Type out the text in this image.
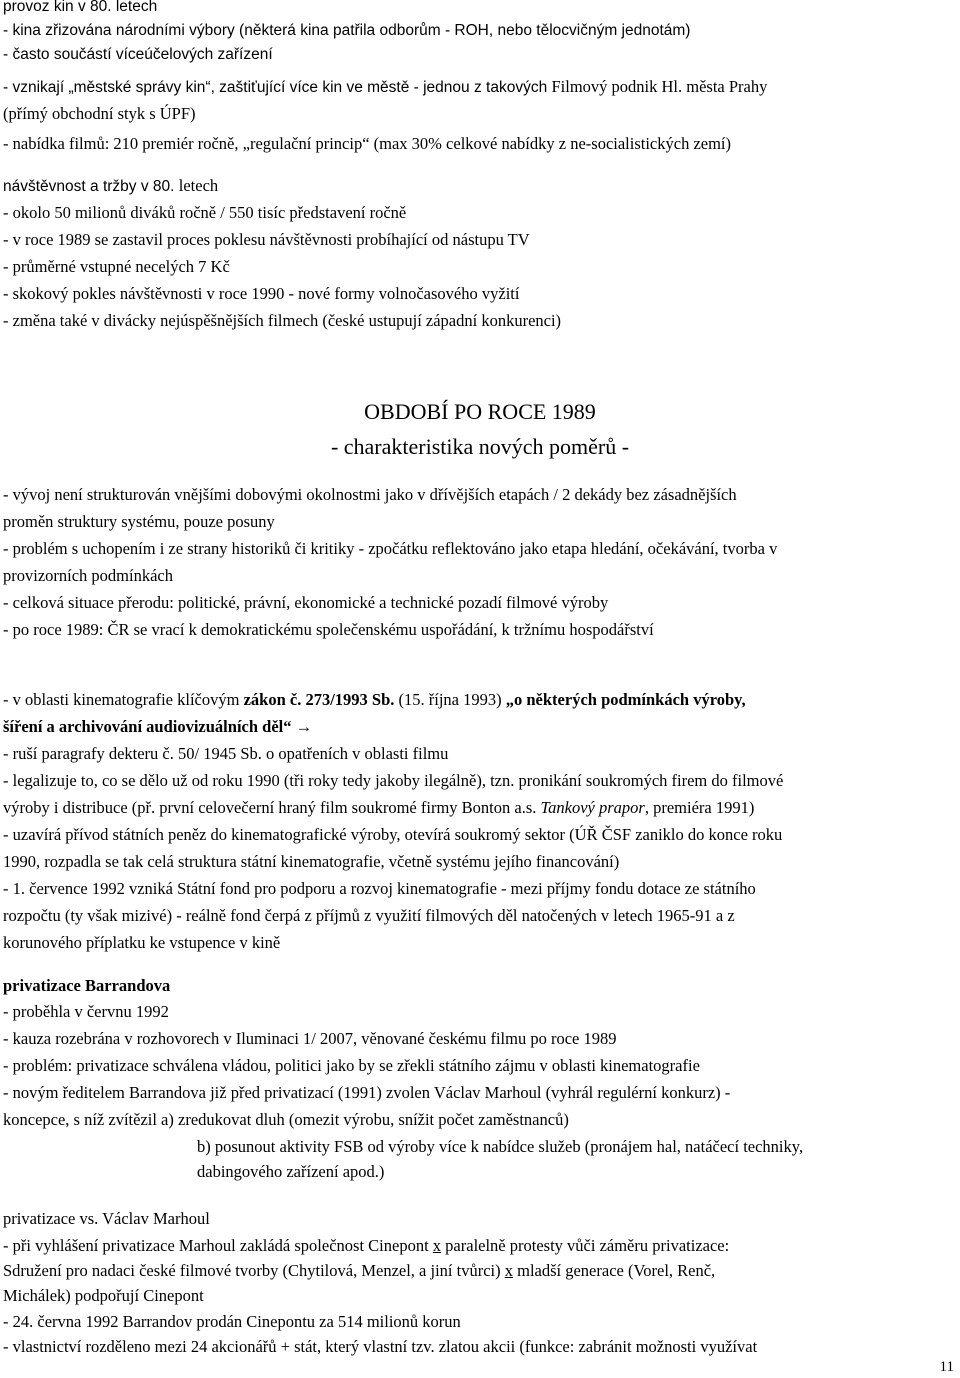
provoz kin v 80. letech
- kina zřizována národními výbory (některá kina patřila odborům - ROH, nebo tělocvičným jednotám)
- často součástí víceúčelových zařízení
- vznikají „městské správy kin“, zaštiťující více kin ve městě - jednou z takových Filmový podnik Hl. města Prahy
(přímý obchodní styk s ÚPF)
- nabídka filmů: 210 premiér ročně, „regulační princip“ (max 30% celkové nabídky z ne-socialistických zemí)
návštěvnost a tržby v 80. letech
- okolo 50 milionů diváků ročně / 550 tisíc představení ročně
- v roce 1989 se zastavil proces poklesu návštěvnosti probíhající od nástupu TV
- průměrné vstupné necelých 7 Kč
- skokový pokles návštěvnosti v roce 1990 - nové formy volnočasového vyžití
- změna také v divácky nejúspěšnějších filmech (české ustupují západní konkurenci)
OBDOBÍ PO ROCE 1989
- charakteristika nových poměrů -
- vývoj není strukturován vnějšími dobovými okolnostmi jako v dřívějších etapách / 2 dekády bez zásadnějších
proměn struktury systému, pouze posuny
- problém s uchopením i ze strany historiků či kritiky - zpočátku reflektováno jako etapa hledání, očekávání, tvorba v
provizorních podmínkách
- celková situace přerodu: politické, právní, ekonomické a technické pozadí filmové výroby
- po roce 1989: ČR se vrací k demokratickému společenskému uspořádání, k tržnímu hospodářství
- v oblasti kinematografie klíčovým zákon č. 273/1993 Sb. (15. října 1993) „o některých podmínkách výroby,
šíření a archivování audiovizuálních děl“ →
- ruší paragrafy dekteru č. 50/ 1945 Sb. o opatřeních v oblasti filmu
- legalizuje to, co se dělo už od roku 1990 (tři roky tedy jakoby ilegálně), tzn. pronikání soukromých firem do filmové
výroby i distribuce (př. první celovečerní hraný film soukromé firmy Bonton a.s. Tankový prapor, premiéra 1991)
- uzavírá přívod státních peněz do kinematografické výroby, otevírá soukromý sektor (ÚŘ ČSF zaniklo do konce roku
1990, rozpadla se tak celá struktura státní kinematografie, včetně systému jejího financování)
- 1. července 1992 vzniká Státní fond pro podporu a rozvoj kinematografie - mezi příjmy fondu dotace ze státního
rozpočtu (ty však mizivé) - reálně fond čerpá z příjmů z využití filmových děl natočených v letech 1965-91 a z
korunového příplatku ke vstupence v kině
privatizace Barrandova
- proběhla v červnu 1992
- kauza rozebrána v rozhovorech v Iluminaci 1/ 2007, věnované českému filmu po roce 1989
- problém: privatizace schválena vládou, politici jako by se zřekli státního zájmu v oblasti kinematografie
- novým ředitelem Barrandova již před privatizací (1991) zvolen Václav Marhoul (vyhrál regulérní konkurz) -
koncepce, s níž zvítězil a) zredukovat dluh (omezit výrobu, snížit počet zaměstnanců)
b) posunout aktivity FSB od výroby více k nabídce služeb (pronájem hal, natáčecí techniky,
dabingového zařízení apod.)
privatizace vs. Václav Marhoul
- při vyhlášení privatizace Marhoul zakládá společnost Cinepont x paralelně protesty vůči záměru privatizace:
Sdružení pro nadaci české filmové tvorby (Chytilová, Menzel, a jiní tvůrci) x mladší generace (Vorel, Renč,
Michálek) podpořují Cinepont
- 24. června 1992 Barrandov prodán Cinepontu za 514 milionů korun
- vlastnictví rozděleno mezi 24 akcionářů + stát, který vlastní tzv. zlatou akcii (funkce: zabránit možnosti využívat
11
